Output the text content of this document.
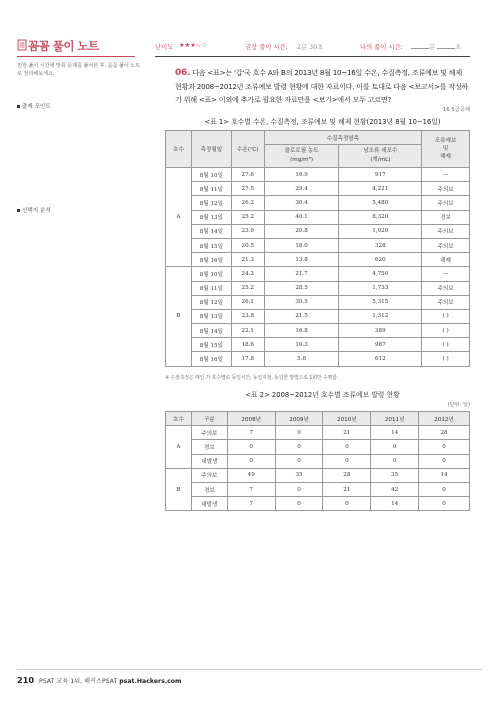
꼼꼼 풀이 노트
권장 풀이 시간에 맞춰 문제를 풀어본 후, 꼼꼼 풀이 노트로 정리해보세요.
출제 포인트
선택지 분석
난이도 ★★★☆☆	권장 풀이 시간: 2분 30초	나의 풀이 시간:	분	초
06. 다음 <표>는 '갑'국 호수 A와 B의 2013년 8월 10~16일 수온, 수질측정, 조류예보 및 해제 현황과 2008~2012년 조류예보 발령 현황에 대한 자료이다. 이를 토대로 다음 <보고서>를 작성하기 위해 <표> 이외에 추가로 필요한 자료만을 <보기>에서 모두 고르면?
16 5급공채
<표 1> 호수별 수온, 수질측정, 조류예보 및 해제 현황(2013년 8월 10~16일)
호수	측정월일	수온(℃)	수질측정항목		조류예보
및
해제
			클로로필 농도
(mg/m³)	남조류 세포수
(개/mL)	
A	8월 10일	27.6	16.9	917	—
	8월 11일	27.5	29.4	4,221	주의보
	8월 12일	26.2	30.4	5,480	주의보
	8월 13일	25.2	40.1	8,320	경보
	8월 14일	23.9	20.8	1,020	주의보
	8월 15일	20.5	18.0	328	주의보
	8월 16일	21.3	13.8	620	해제
B	8월 10일	24.2	21.7	4,750	—
	8월 11일	25.2	28.5	1,733	주의보
	8월 12일	26.1	30.5	5,315	주의보
	8월 13일	23.8	21.5	1,312	( )
	8월 14일	22.1	16.8	389	( )
	8월 15일	18.6	10.3	987	( )
	8월 16일	17.8	5.8	612	( )
※ 수질측정은 매일 각 호수별로 동일시간, 동일지점, 동일한 방법으로 1회만 수행함.
<표 2> 2008~2012년 호수별 조류예보 발령 현황
(단위: 일)
호수	구분	2008년	2009년	2010년	2011년	2012년
A	주의보	7	0	21	14	28
	경보	0	0	0	0	0
	대발생	0	0	0	0	0
B	주의보	49	35	28	35	14
	경보	7	0	21	42	0
	대발생	7	0	0	14	0
210 PSAT 교육 1위, 해커스PSAT psat.Hackers.com
